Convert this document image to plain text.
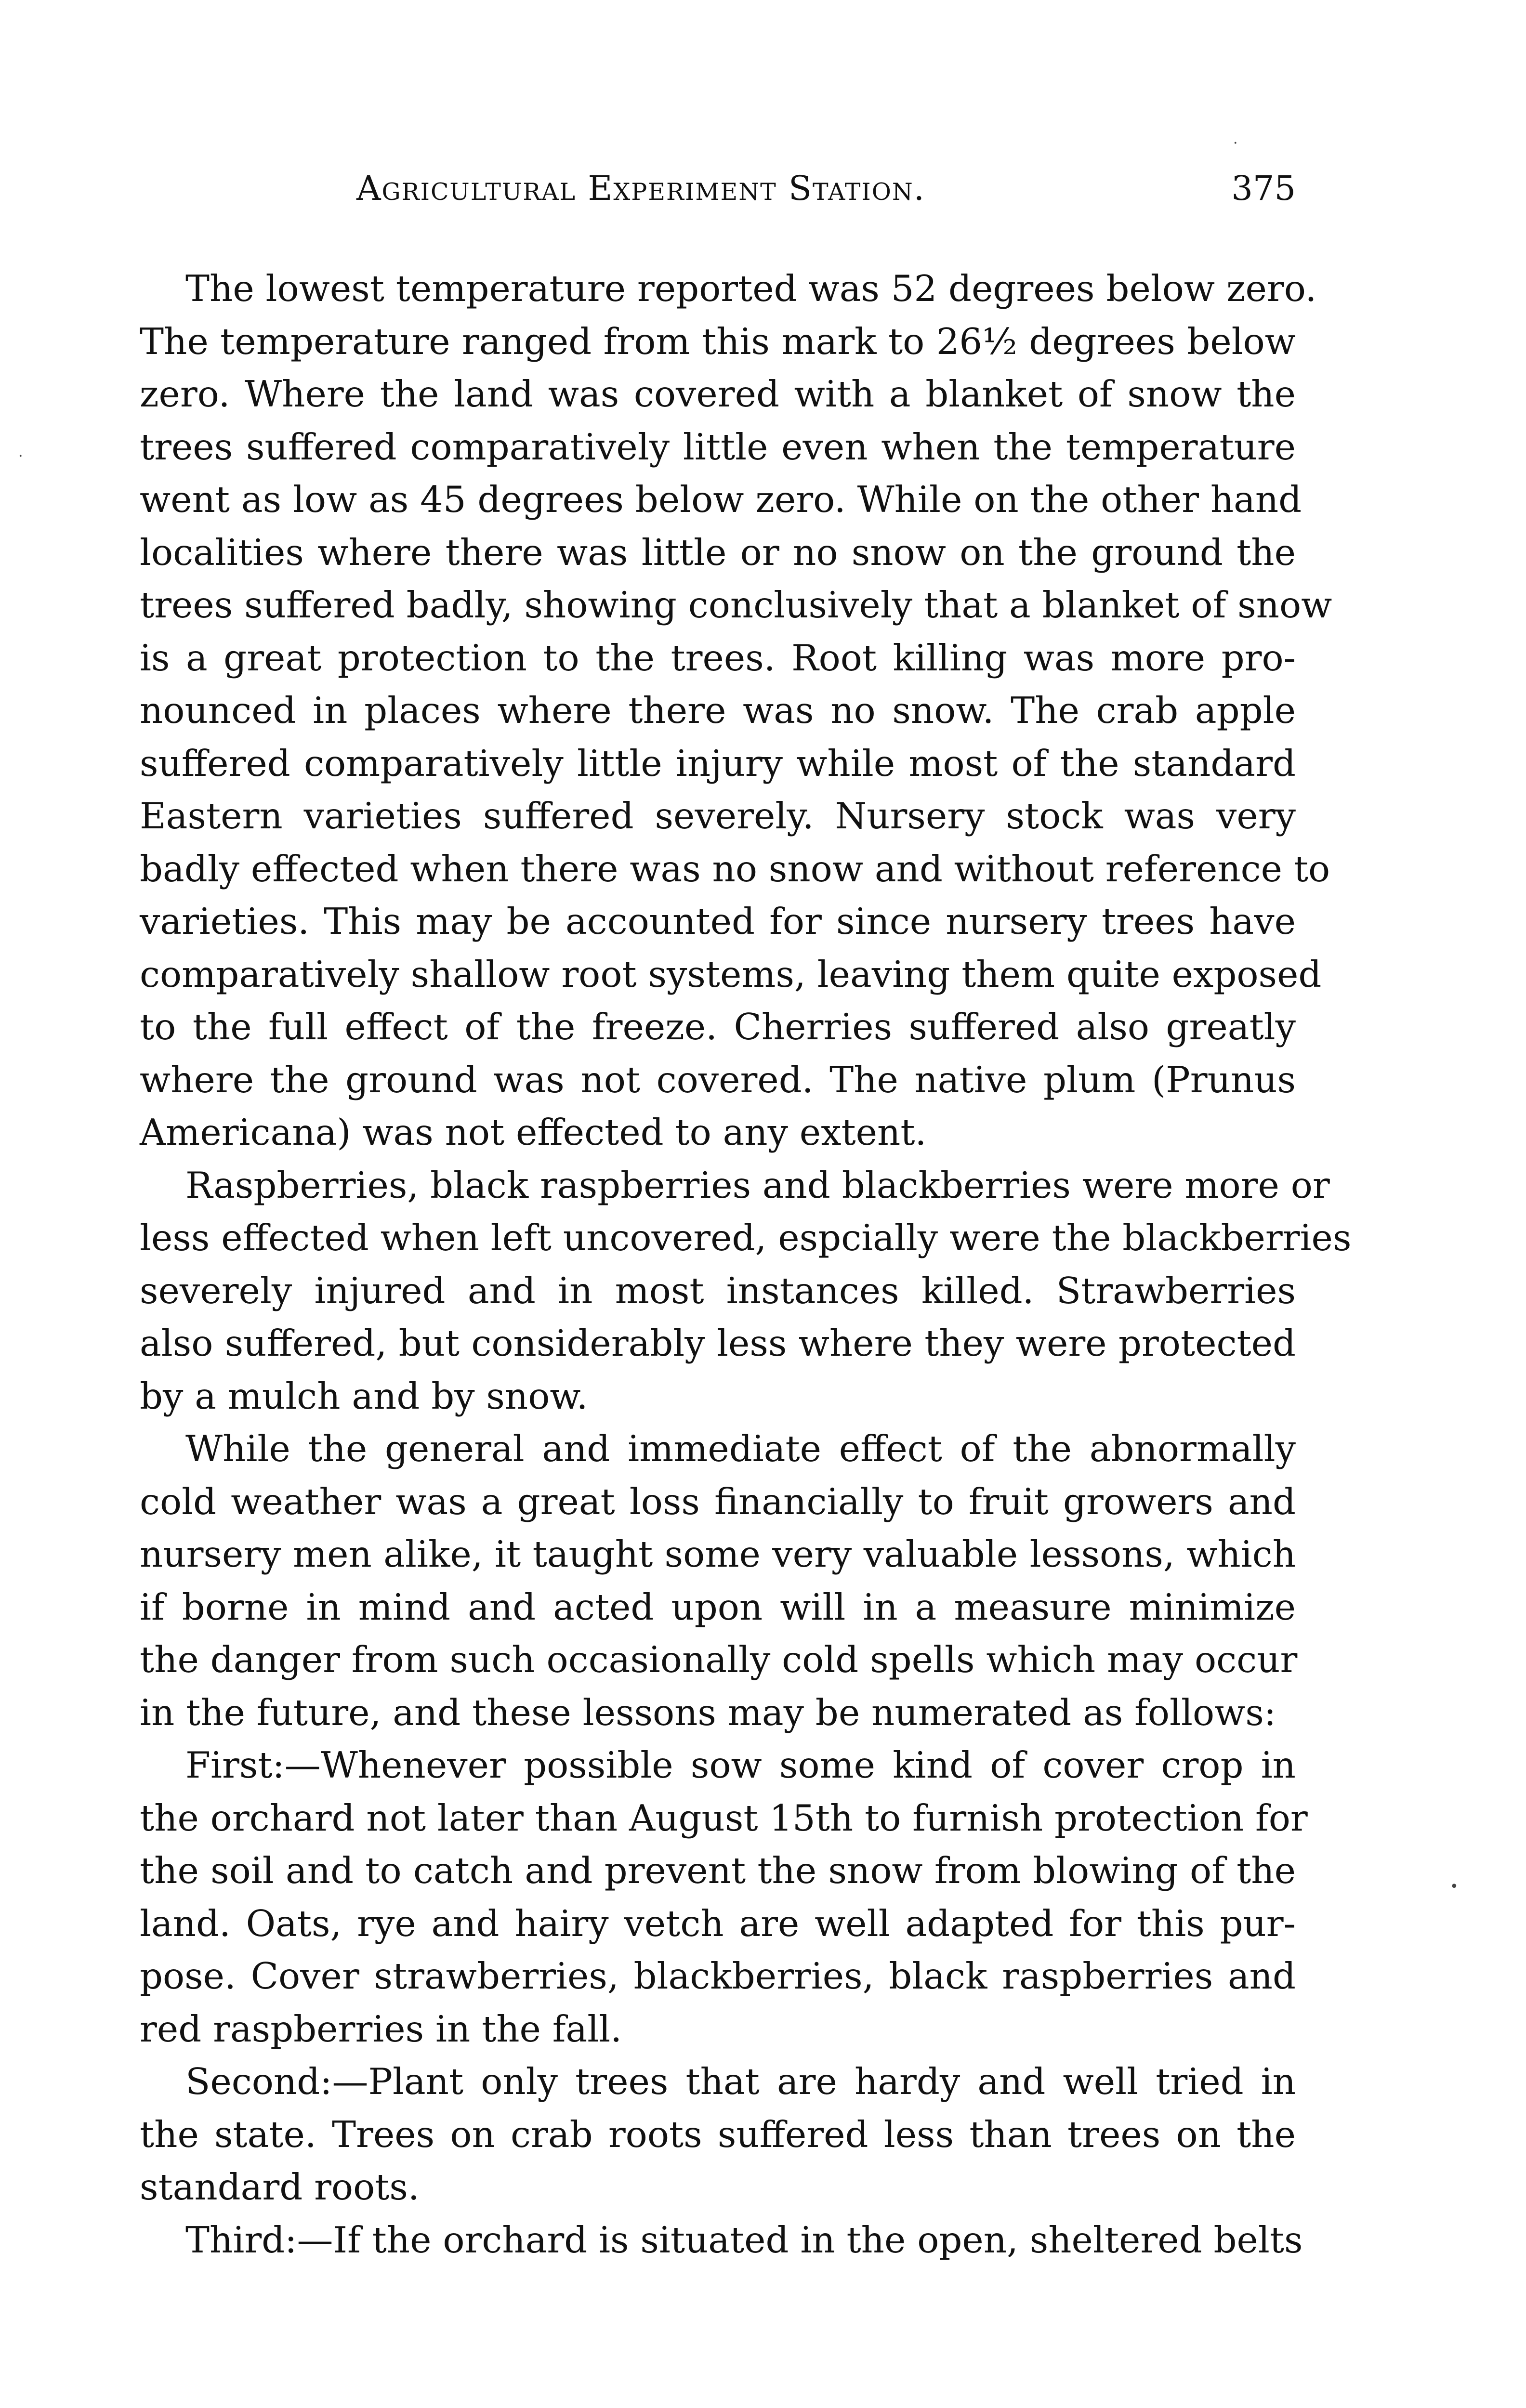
Agricultural Experiment Station.	375
The lowest temperature reported was 52 degrees below zero.
The temperature ranged from this mark to 26½ degrees below
zero. Where the land was covered with a blanket of snow the
trees suffered comparatively little even when the temperature
went as low as 45 degrees below zero. While on the other hand
localities where there was little or no snow on the ground the
trees suffered badly, showing conclusively that a blanket of snow
is a great protection to the trees. Root killing was more pro-
nounced in places where there was no snow. The crab apple
suffered comparatively little injury while most of the standard
Eastern varieties suffered severely. Nursery stock was very
badly effected when there was no snow and without reference to
varieties. This may be accounted for since nursery trees have
comparatively shallow root systems, leaving them quite exposed
to the full effect of the freeze. Cherries suffered also greatly
where the ground was not covered. The native plum (Prunus
Americana) was not effected to any extent.
Raspberries, black raspberries and blackberries were more or
less effected when left uncovered, espcially were the blackberries
severely injured and in most instances killed. Strawberries
also suffered, but considerably less where they were protected
by a mulch and by snow.
While the general and immediate effect of the abnormally
cold weather was a great loss financially to fruit growers and
nursery men alike, it taught some very valuable lessons, which
if borne in mind and acted upon will in a measure minimize
the danger from such occasionally cold spells which may occur
in the future, and these lessons may be numerated as follows:
First:—Whenever possible sow some kind of cover crop in
the orchard not later than August 15th to furnish protection for
the soil and to catch and prevent the snow from blowing of the
land. Oats, rye and hairy vetch are well adapted for this pur-
pose. Cover strawberries, blackberries, black raspberries and
red raspberries in the fall.
Second:—Plant only trees that are hardy and well tried in
the state. Trees on crab roots suffered less than trees on the
standard roots.
Third:—If the orchard is situated in the open, sheltered belts
·
·
•
